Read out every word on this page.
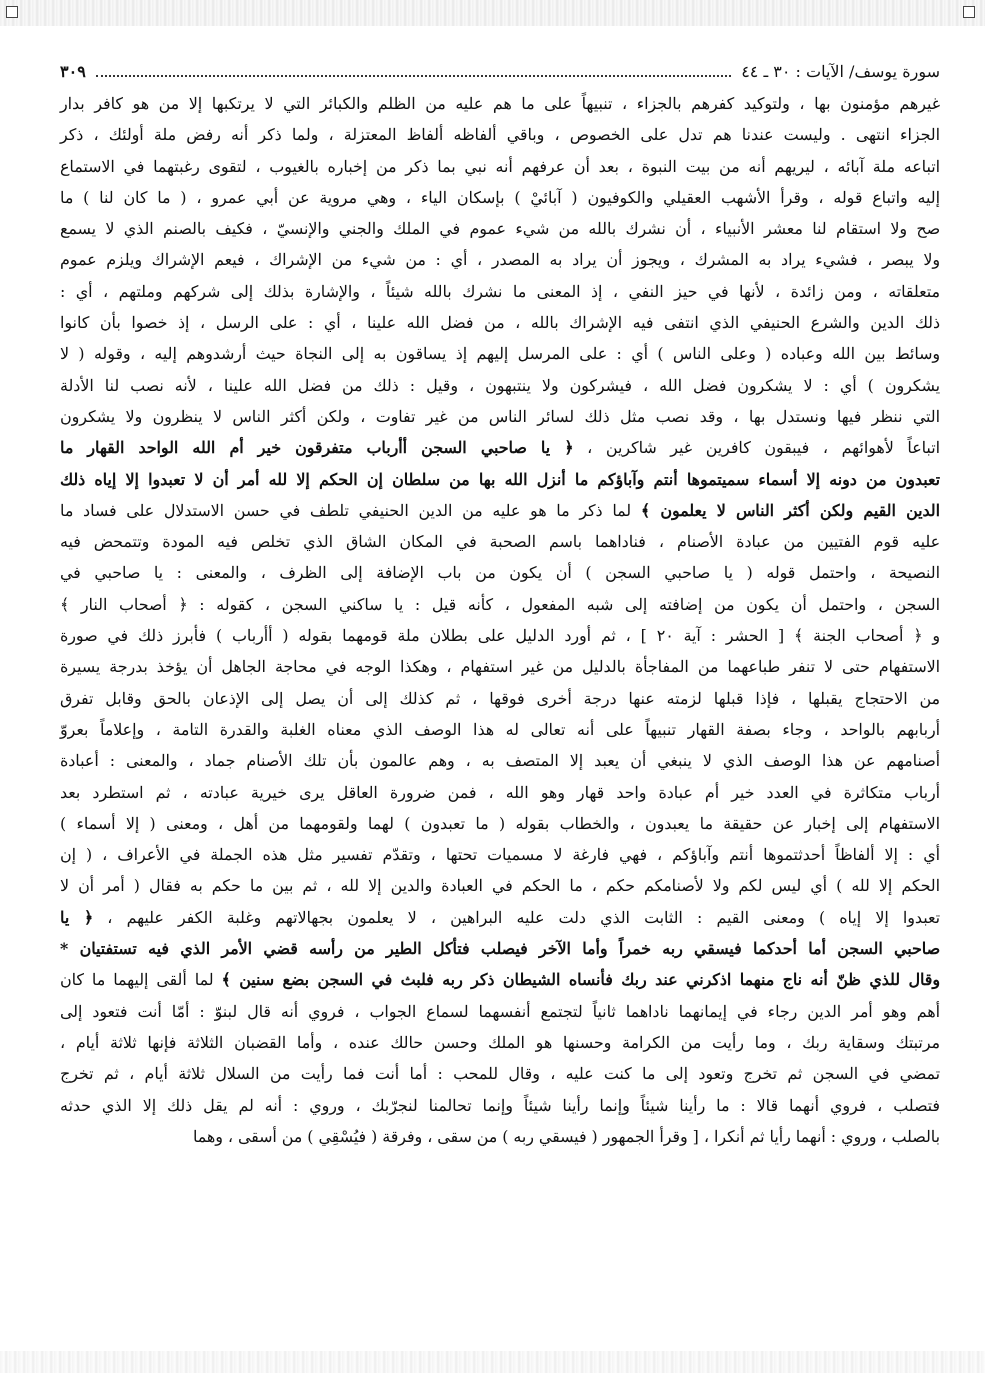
سورة يوسف/ الآيات : ٣٠ ـ ٤٤
٣٠٩

غيرهم مؤمنون بها ، ولتوكيد كفرهم بالجزاء ، تنبيهاً على ما هم عليه من الظلم والكبائر التي لا يرتكبها إلا من هو كافر بدار

الجزاء انتهى . وليست عندنا هم تدل على الخصوص ، وباقي ألفاظه ألفاظ المعتزلة ، ولما ذكر أنه رفض ملة أولئك ، ذكر

اتباعه ملة آبائه ، ليريهم أنه من بيت النبوة ، بعد أن عرفهم أنه نبي بما ذكر من إخباره بالغيوب ، لتقوى رغبتهما في الاستماع

إليه واتباع قوله ، وقرأ الأشهب العقيلي والكوفيون ( آبائيْ ) بإسكان الياء ، وهي مروية عن أبي عمرو ، ( ما كان لنا ) ما

صح ولا استقام لنا معشر الأنبياء ، أن نشرك بالله من شيء عموم في الملك والجني والإنسيّ ، فكيف بالصنم الذي لا يسمع

ولا يبصر ، فشيء يراد به المشرك ، ويجوز أن يراد به المصدر ، أي : من شيء من الإشراك ، فيعم الإشراك ويلزم عموم

متعلقاته ، ومن زائدة ، لأنها في حيز النفي ، إذ المعنى ما نشرك بالله شيئاً ، والإشارة بذلك إلى شركهم وملتهم ، أي :

ذلك الدين والشرع الحنيفي الذي انتفى فيه الإشراك بالله ، من فضل الله علينا ، أي : على الرسل ، إذ خصوا بأن كانوا

وسائط بين الله وعباده ( وعلى الناس ) أي : على المرسل إليهم إذ يساقون به إلى النجاة حيث أرشدوهم إليه ، وقوله ( لا

يشكرون ) أي : لا يشكرون فضل الله ، فيشركون ولا ينتبهون ، وقيل : ذلك من فضل الله علينا ، لأنه نصب لنا الأدلة

التي ننظر فيها ونستدل بها ، وقد نصب مثل ذلك لسائر الناس من غير تفاوت ، ولكن أكثر الناس لا ينظرون ولا يشكرون

اتباعاً لأهوائهم ، فيبقون كافرين غير شاكرين ، ﴿ يا صاحبي السجن أأرباب متفرقون خير أم الله الواحد القهار ما

تعبدون من دونه إلا أسماء سميتموها أنتم وآباؤكم ما أنزل الله بها من سلطان إن الحكم إلا لله أمر أن لا تعبدوا إلا إياه ذلك

الدين القيم ولكن أكثر الناس لا يعلمون ﴾ لما ذكر ما هو عليه من الدين الحنيفي تلطف في حسن الاستدلال على فساد ما

عليه قوم الفتيين من عبادة الأصنام ، فناداهما باسم الصحبة في المكان الشاق الذي تخلص فيه المودة وتتمحض فيه

النصيحة ، واحتمل قوله ( يا صاحبي السجن ) أن يكون من باب الإضافة إلى الظرف ، والمعنى : يا صاحبي في

السجن ، واحتمل أن يكون من إضافته إلى شبه المفعول ، كأنه قيل : يا ساكني السجن ، كقوله : ﴿ أصحاب النار ﴾

و ﴿ أصحاب الجنة ﴾ [ الحشر : آية ٢٠ ] ، ثم أورد الدليل على بطلان ملة قومهما بقوله ( أأرباب ) فأبرز ذلك في صورة

الاستفهام حتى لا تنفر طباعهما من المفاجأة بالدليل من غير استفهام ، وهكذا الوجه في محاجة الجاهل أن يؤخذ بدرجة يسيرة

من الاحتجاج يقبلها ، فإذا قبلها لزمته عنها درجة أخرى فوقها ، ثم كذلك إلى أن يصل إلى الإذعان بالحق وقابل تفرق

أربابهم بالواحد ، وجاء بصفة القهار تنبيهاً على أنه تعالى له هذا الوصف الذي معناه الغلبة والقدرة التامة ، وإعلاماً بعروّ

أصنامهم عن هذا الوصف الذي لا ينبغي أن يعبد إلا المتصف به ، وهم عالمون بأن تلك الأصنام جماد ، والمعنى : أعبادة

أرباب متكاثرة في العدد خير أم عبادة واحد قهار وهو الله ، فمن ضرورة العاقل يرى خيرية عبادته ، ثم استطرد بعد

الاستفهام إلى إخبار عن حقيقة ما يعبدون ، والخطاب بقوله ( ما تعبدون ) لهما ولقومهما من أهل ، ومعنى ( إلا أسماء )

أي : إلا ألفاظاً أحدثتموها أنتم وآباؤكم ، فهي فارغة لا مسميات تحتها ، وتقدّم تفسير مثل هذه الجملة في الأعراف ، ( إن

الحكم إلا لله ) أي ليس لكم ولا لأصنامكم حكم ، ما الحكم في العبادة والدين إلا لله ، ثم بين ما حكم به فقال ( أمر أن لا

تعبدوا إلا إياه ) ومعنى القيم : الثابت الذي دلت عليه البراهين ، لا يعلمون بجهالاتهم وغلبة الكفر عليهم ، ﴿ يا

صاحبي السجن أما أحدكما فيسقي ربه خمراً وأما الآخر فيصلب فتأكل الطير من رأسه قضي الأمر الذي فيه تستفتيان *

وقال للذي ظنّ أنه ناج منهما اذكرني عند ربك فأنساه الشيطان ذكر ربه فلبث في السجن بضع سنين ﴾ لما ألقى إليهما ما كان

أهم وهو أمر الدين رجاء في إيمانهما ناداهما ثانياً لتجتمع أنفسهما لسماع الجواب ، فروي أنه قال لبنوّ : أمّا أنت فتعود إلى

مرتبتك وسقاية ربك ، وما رأيت من الكرامة وحسنها هو الملك وحسن حالك عنده ، وأما القضبان الثلاثة فإنها ثلاثة أيام ،

تمضي في السجن ثم تخرج وتعود إلى ما كنت عليه ، وقال للمحب : أما أنت فما رأيت من السلال ثلاثة أيام ، ثم تخرج

فتصلب ، فروي أنهما قالا : ما رأينا شيئاً وإنما رأينا شيئاً وإنما تحالمنا لنجرّبك ، وروي : أنه لم يقل ذلك إلا الذي حدثه

بالصلب ، وروي : أنهما رأيا ثم أنكرا ، [ وقرأ الجمهور ( فيسقي ربه ) من سقى ، وفرقة ( فيُسْقِي ) من أسقى ، وهما
